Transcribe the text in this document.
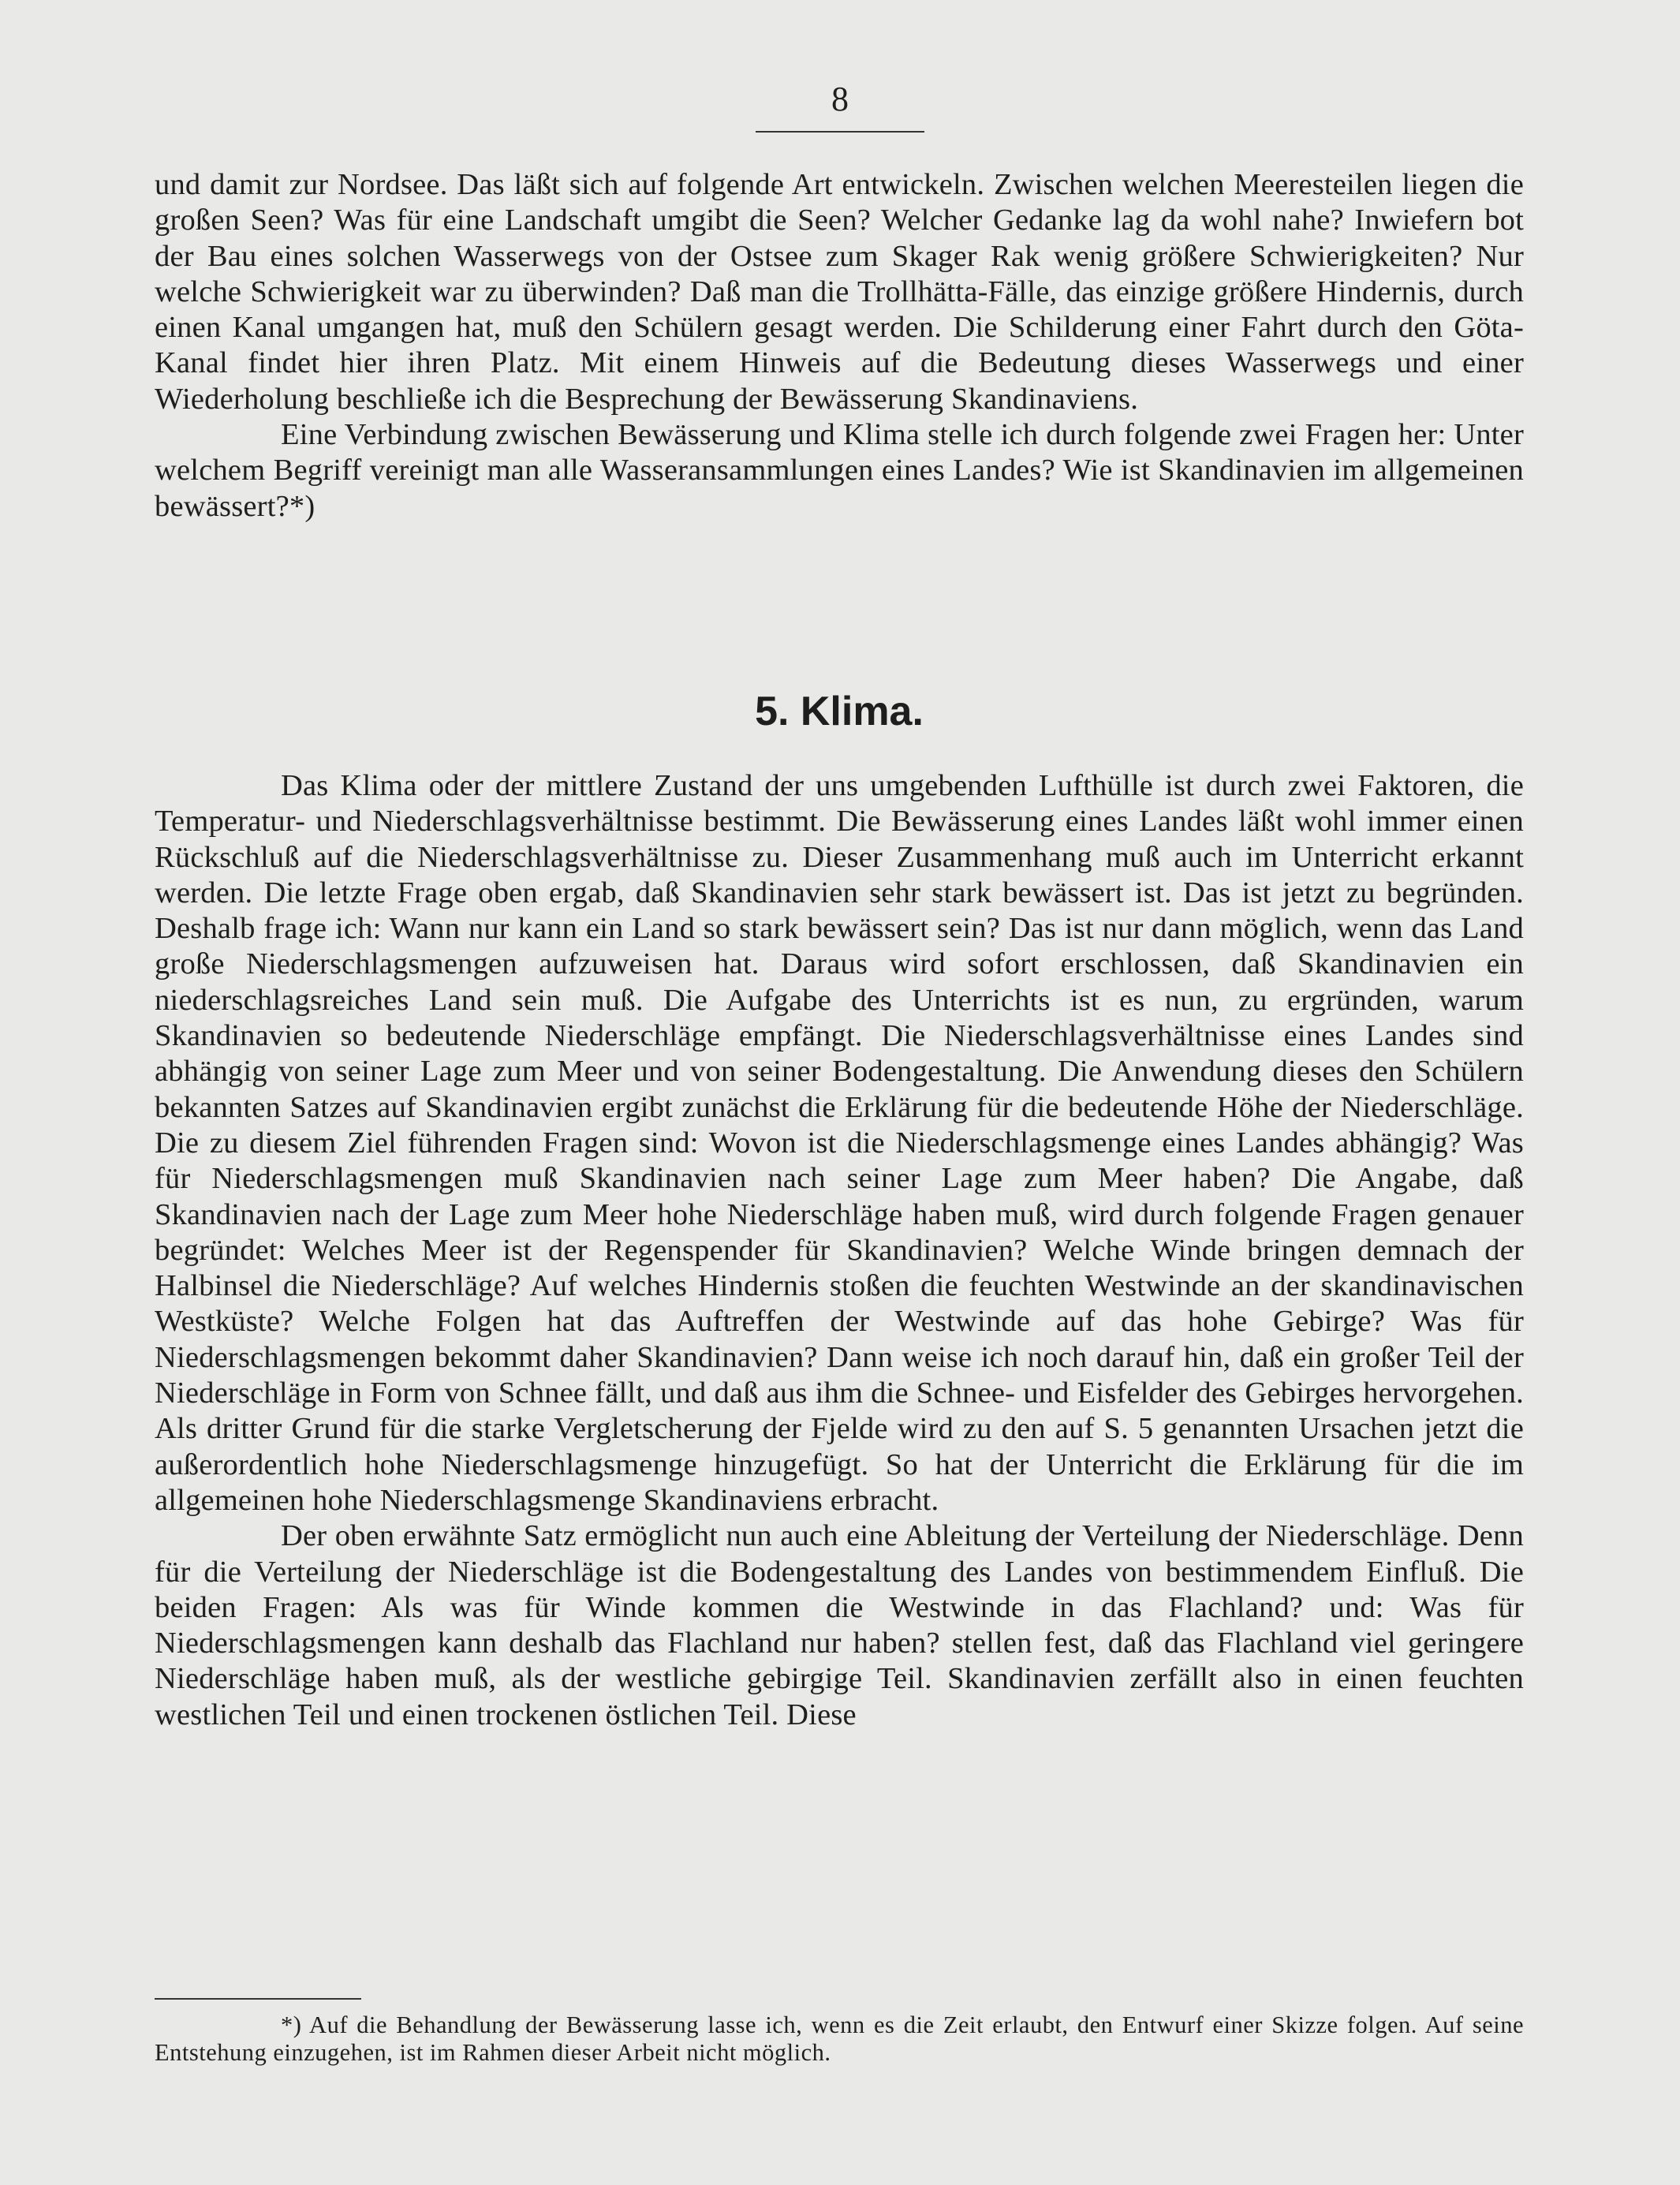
8

und damit zur Nordsee. Das läßt sich auf folgende Art entwickeln. Zwischen welchen Meeresteilen liegen die großen Seen? Was für eine Landschaft umgibt die Seen? Welcher Gedanke lag da wohl nahe? Inwiefern bot der Bau eines solchen Wasserwegs von der Ostsee zum Skager Rak wenig größere Schwierigkeiten? Nur welche Schwierigkeit war zu überwinden? Daß man die Trollhätta-Fälle, das einzige größere Hindernis, durch einen Kanal umgangen hat, muß den Schülern gesagt werden. Die Schilderung einer Fahrt durch den Göta-Kanal findet hier ihren Platz. Mit einem Hinweis auf die Bedeutung dieses Wasserwegs und einer Wiederholung beschließe ich die Besprechung der Bewässerung Skandinaviens.

Eine Verbindung zwischen Bewässerung und Klima stelle ich durch folgende zwei Fragen her: Unter welchem Begriff vereinigt man alle Wasseransammlungen eines Landes? Wie ist Skandinavien im allgemeinen bewässert?*)

5. Klima.

Das Klima oder der mittlere Zustand der uns umgebenden Lufthülle ist durch zwei Faktoren, die Temperatur- und Niederschlagsverhältnisse bestimmt. Die Bewässerung eines Landes läßt wohl immer einen Rückschluß auf die Niederschlagsverhältnisse zu. Dieser Zusammenhang muß auch im Unterricht erkannt werden. Die letzte Frage oben ergab, daß Skandinavien sehr stark bewässert ist. Das ist jetzt zu begründen. Deshalb frage ich: Wann nur kann ein Land so stark bewässert sein? Das ist nur dann möglich, wenn das Land große Niederschlagsmengen aufzuweisen hat. Daraus wird sofort erschlossen, daß Skandinavien ein niederschlagsreiches Land sein muß. Die Aufgabe des Unterrichts ist es nun, zu ergründen, warum Skandinavien so bedeutende Niederschläge empfängt. Die Niederschlagsverhältnisse eines Landes sind abhängig von seiner Lage zum Meer und von seiner Bodengestaltung. Die Anwendung dieses den Schülern bekannten Satzes auf Skandinavien ergibt zunächst die Erklärung für die bedeutende Höhe der Niederschläge. Die zu diesem Ziel führenden Fragen sind: Wovon ist die Niederschlagsmenge eines Landes abhängig? Was für Niederschlagsmengen muß Skandinavien nach seiner Lage zum Meer haben? Die Angabe, daß Skandinavien nach der Lage zum Meer hohe Niederschläge haben muß, wird durch folgende Fragen genauer begründet: Welches Meer ist der Regenspender für Skandinavien? Welche Winde bringen demnach der Halbinsel die Niederschläge? Auf welches Hindernis stoßen die feuchten Westwinde an der skandinavischen Westküste? Welche Folgen hat das Auftreffen der Westwinde auf das hohe Gebirge? Was für Niederschlagsmengen bekommt daher Skandinavien? Dann weise ich noch darauf hin, daß ein großer Teil der Niederschläge in Form von Schnee fällt, und daß aus ihm die Schnee- und Eisfelder des Gebirges hervorgehen. Als dritter Grund für die starke Vergletscherung der Fjelde wird zu den auf S. 5 genannten Ursachen jetzt die außerordentlich hohe Niederschlagsmenge hinzugefügt. So hat der Unterricht die Erklärung für die im allgemeinen hohe Niederschlagsmenge Skandinaviens erbracht.

Der oben erwähnte Satz ermöglicht nun auch eine Ableitung der Verteilung der Niederschläge. Denn für die Verteilung der Niederschläge ist die Bodengestaltung des Landes von bestimmendem Einfluß. Die beiden Fragen: Als was für Winde kommen die Westwinde in das Flachland? und: Was für Niederschlagsmengen kann deshalb das Flachland nur haben? stellen fest, daß das Flachland viel geringere Niederschläge haben muß, als der westliche gebirgige Teil. Skandinavien zerfällt also in einen feuchten westlichen Teil und einen trockenen östlichen Teil. Diese

*) Auf die Behandlung der Bewässerung lasse ich, wenn es die Zeit erlaubt, den Entwurf einer Skizze folgen. Auf seine Entstehung einzugehen, ist im Rahmen dieser Arbeit nicht möglich.
